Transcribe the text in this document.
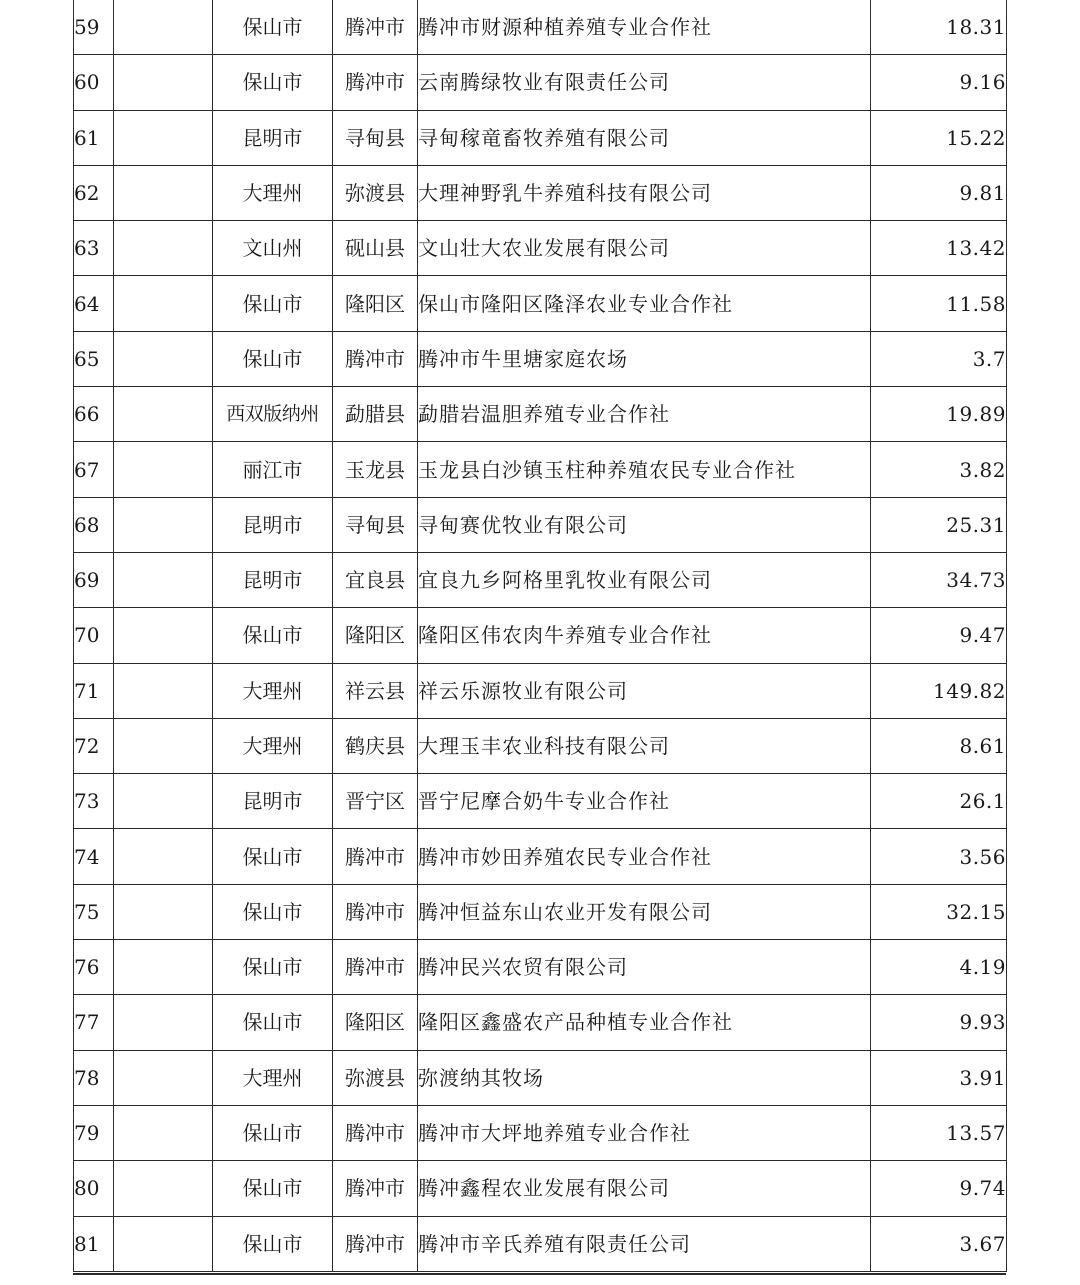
59		保山市	腾冲市	腾冲市财源种植养殖专业合作社	18.31
60		保山市	腾冲市	云南腾绿牧业有限责任公司	9.16
61		昆明市	寻甸县	寻甸稼竜畜牧养殖有限公司	15.22
62		大理州	弥渡县	大理神野乳牛养殖科技有限公司	9.81
63		文山州	砚山县	文山壮大农业发展有限公司	13.42
64		保山市	隆阳区	保山市隆阳区隆泽农业专业合作社	11.58
65		保山市	腾冲市	腾冲市牛里塘家庭农场	3.7
66		西双版纳州	勐腊县	勐腊岩温胆养殖专业合作社	19.89
67		丽江市	玉龙县	玉龙县白沙镇玉柱种养殖农民专业合作社	3.82
68		昆明市	寻甸县	寻甸赛优牧业有限公司	25.31
69		昆明市	宜良县	宜良九乡阿格里乳牧业有限公司	34.73
70		保山市	隆阳区	隆阳区伟农肉牛养殖专业合作社	9.47
71		大理州	祥云县	祥云乐源牧业有限公司	149.82
72		大理州	鹤庆县	大理玉丰农业科技有限公司	8.61
73		昆明市	晋宁区	晋宁尼摩合奶牛专业合作社	26.1
74		保山市	腾冲市	腾冲市妙田养殖农民专业合作社	3.56
75		保山市	腾冲市	腾冲恒益东山农业开发有限公司	32.15
76		保山市	腾冲市	腾冲民兴农贸有限公司	4.19
77		保山市	隆阳区	隆阳区鑫盛农产品种植专业合作社	9.93
78		大理州	弥渡县	弥渡纳其牧场	3.91
79		保山市	腾冲市	腾冲市大坪地养殖专业合作社	13.57
80		保山市	腾冲市	腾冲鑫程农业发展有限公司	9.74
81		保山市	腾冲市	腾冲市辛氏养殖有限责任公司	3.67
